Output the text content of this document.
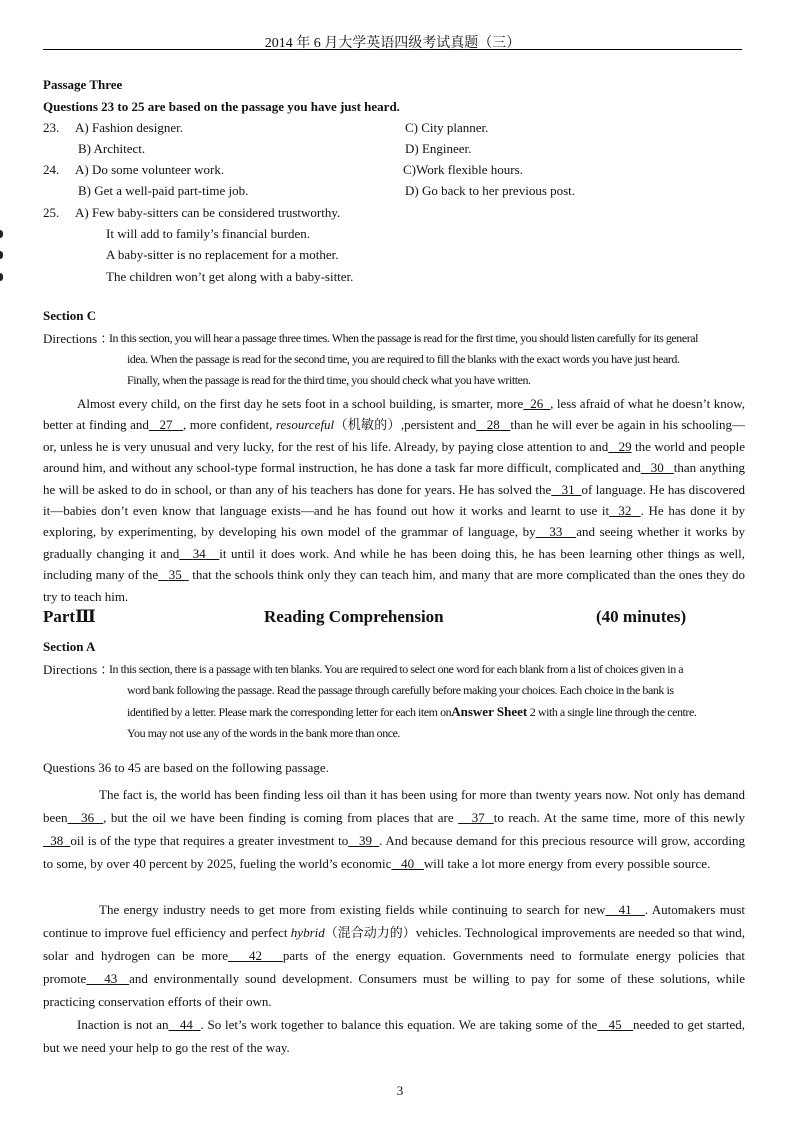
2014 年 6 月大学英语四级考试真题（三）
Passage Three
Questions 23 to 25 are based on the passage you have just heard.
23. A) Fashion designer.	C) City planner.
B) Architect.	D) Engineer.
24. A) Do some volunteer work.	C)Work flexible hours.
B) Get a well-paid part-time job.	D) Go back to her previous post.
25. A) Few baby-sitters can be considered trustworthy.
It will add to family’s financial burden.
A baby-sitter is no replacement for a mother.
The children won’t get along with a baby-sitter.
Section C
Directions ：
In this section, you will hear a passage three times. When the passage is read for the first time, you should listen carefully for its general
idea. When the passage is read for the second time, you are required to fill the blanks with the exact words you have just heard.
Finally, when the passage is read for the third time, you should check what you have written.
Almost every child, on the first day he sets foot in a school building, is smarter, more 26 , less afraid of what he doesn’t know, better at finding and 27 , more confident, resourceful（机敏的）,persistent and 28 than he will ever be again in his schooling—or, unless he is very unusual and very lucky, for the rest of his life. Already, by paying close attention to and 29 the world and people around him, and without any school-type formal instruction, he has done a task far more difficult, complicated and 30 than anything he will be asked to do in school, or than any of his teachers has done for years. He has solved the 31 of language. He has discovered it—babies don’t even know that language exists—and he has found out how it works and learnt to use it 32 . He has done it by exploring, by experimenting, by developing his own model of the grammar of language, by 33 and seeing whether it works by gradually changing it and 34 it until it does work. And while he has been doing this, he has been learning other things as well, including many of the 35 that the schools think only they can teach him, and many that are more complicated than the ones they do try to teach him.
PartⅢ	Reading Comprehension	(40 minutes)
Section A
Directions ：
In this section, there is a passage with ten blanks. You are required to select one word for each blank from a list of choices given in a
word bank following the passage. Read the passage through carefully before making your choices. Each choice in the bank is
identified by a letter. Please mark the corresponding letter for each item onAnswer Sheet 2 with a single line through the centre.
You may not use any of the words in the bank more than once.
Questions 36 to 45 are based on the following passage.
The fact is, the world has been finding less oil than it has been using for more than twenty years now. Not only has demand been 36 , but the oil we have been finding is coming from places that are 37 to reach. At the same time, more of this newly   38 oil is of the type that requires a greater investment to 39 . And because demand for this precious resource will grow, according to some, by over 40 percent by 2025, fueling the world’s economic 40 will take a lot more energy from every possible source.
The energy industry needs to get more from existing fields while continuing to search for new 41 . Automakers must continue to improve fuel efficiency and perfect hybrid（混合动力的）vehicles. Technological improvements are needed so that wind, solar and hydrogen can be more 42 parts of the energy equation. Governments need to formulate energy policies that promote 43 and environmentally sound development. Consumers must be willing to pay for some of these solutions, while practicing conservation efforts of their own.
Inaction is not an 44 . So let’s work together to balance this equation. We are taking some of the 45 needed to get started, but we need your help to go the rest of the way.
3
